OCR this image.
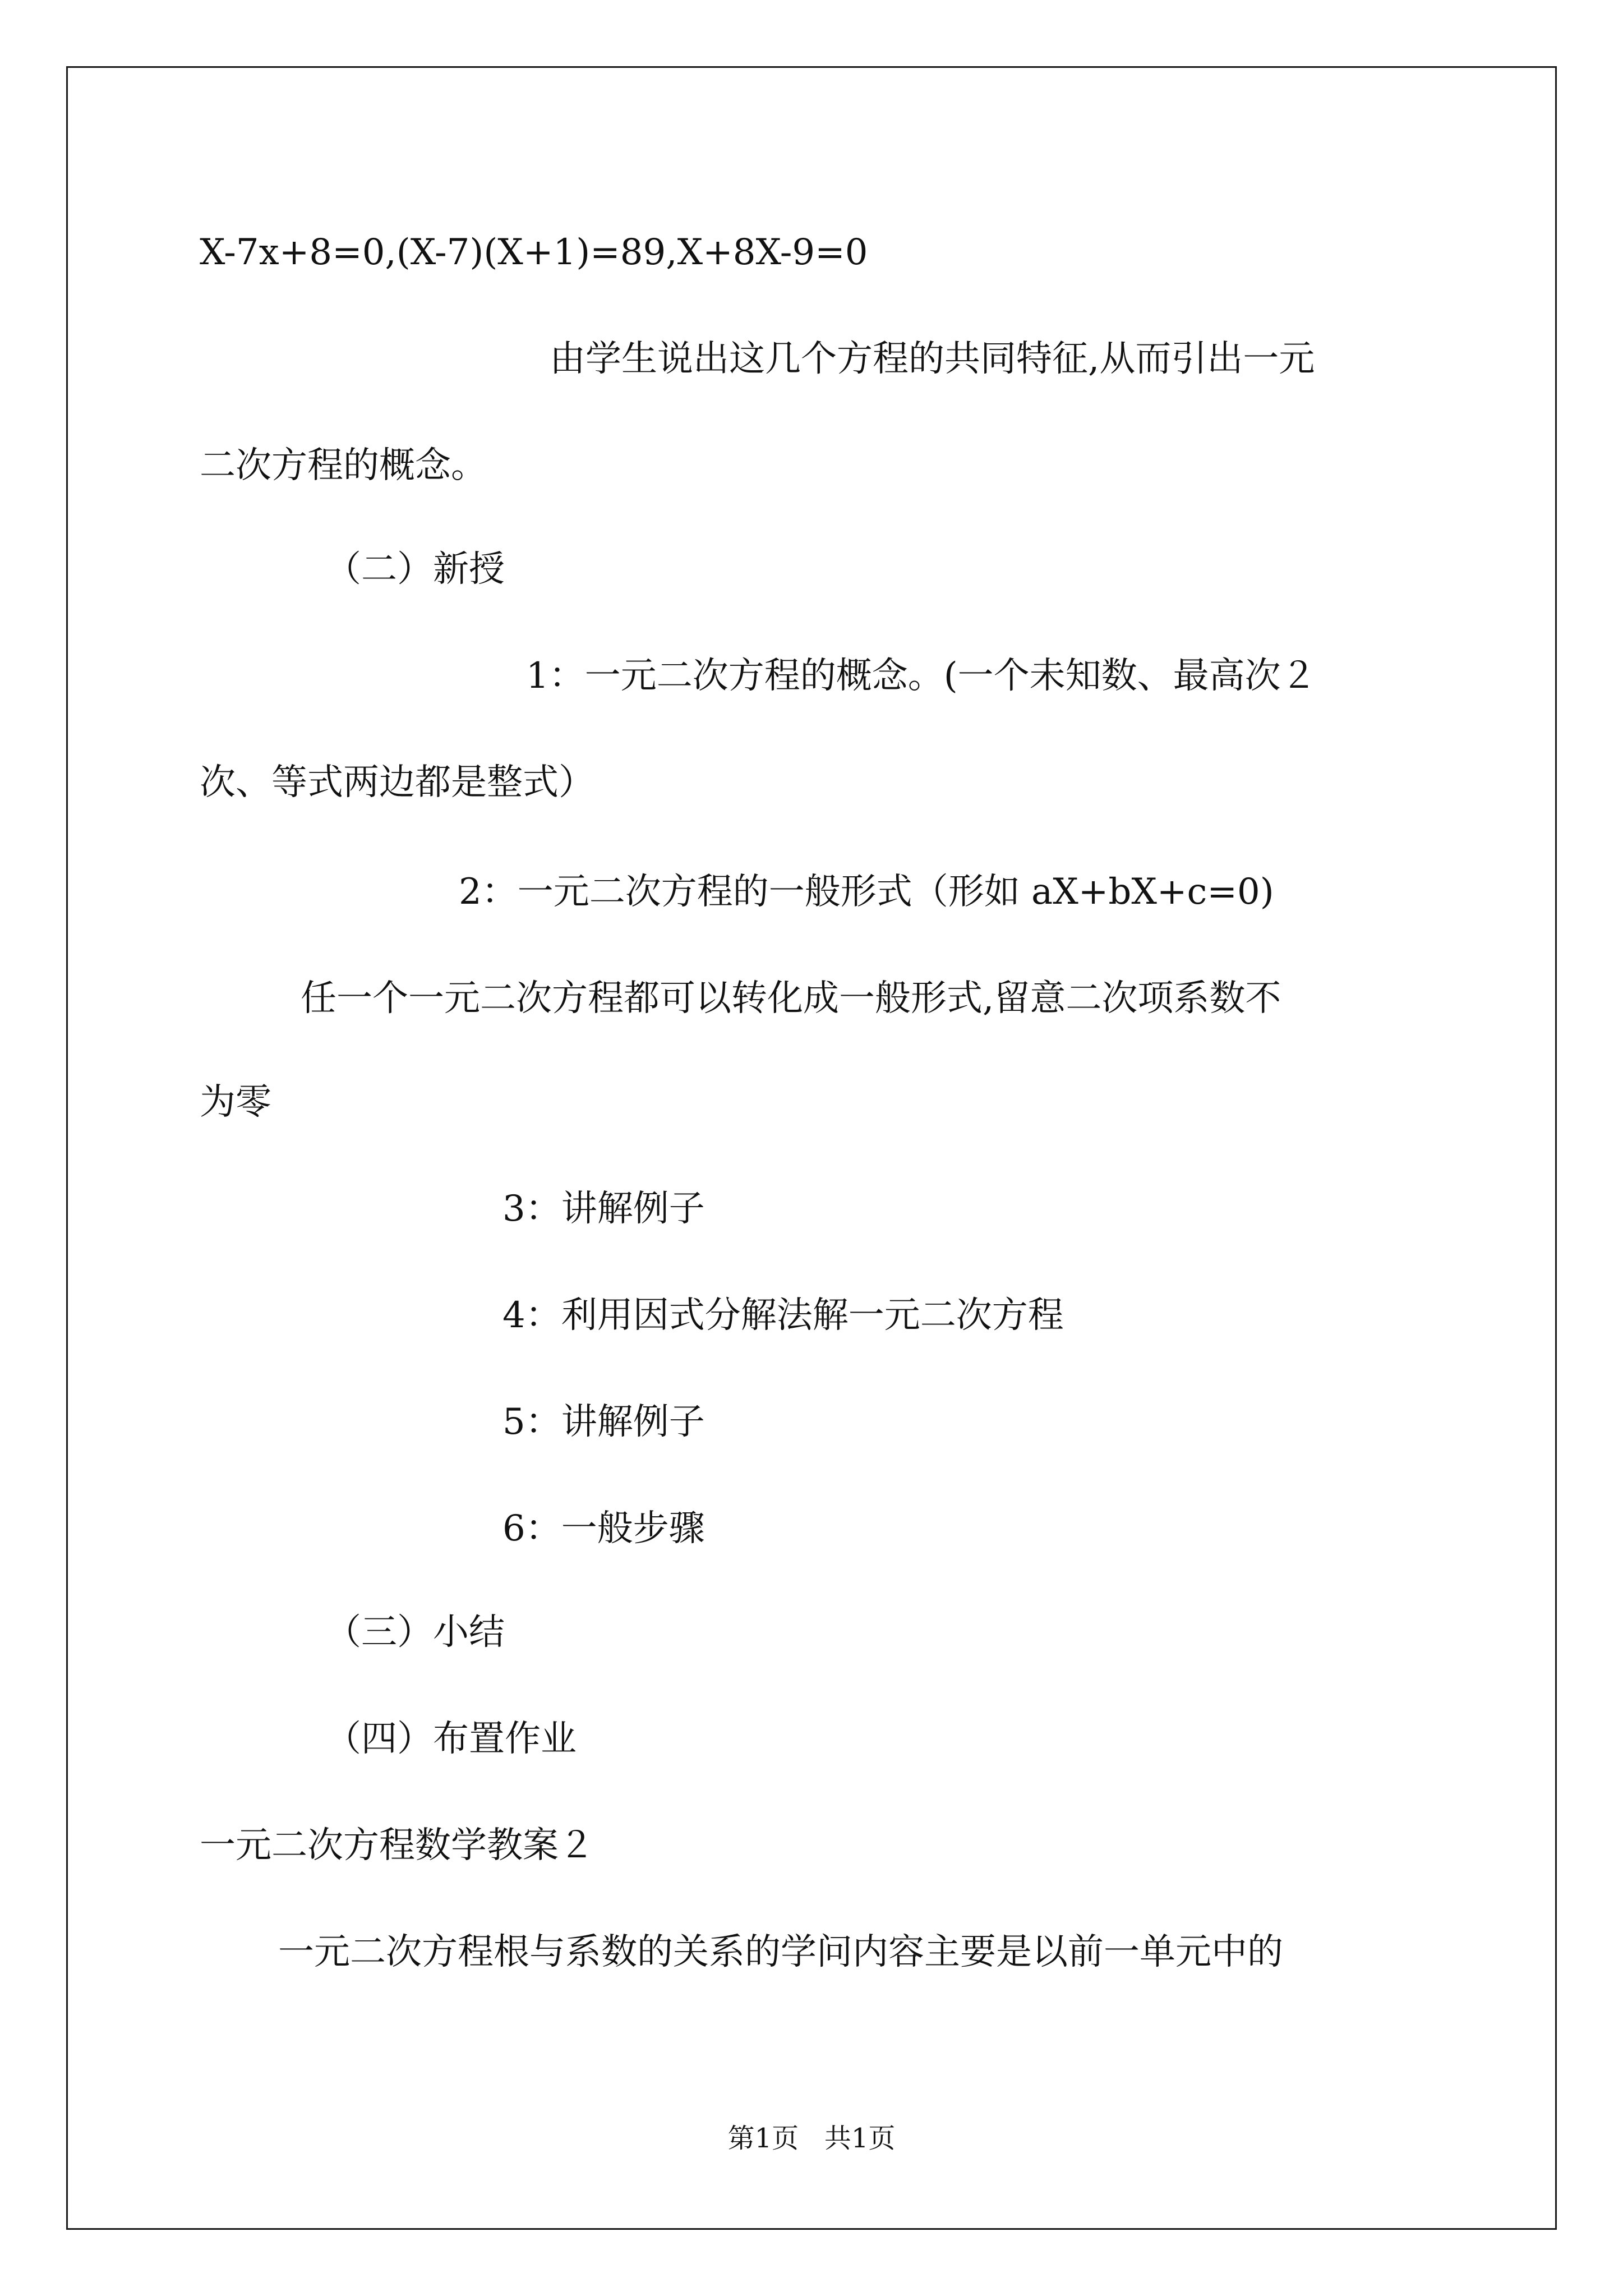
X-7x+8=0,(X-7)(X+1)=89,X+8X-9=0
由学生说出这几个方程的共同特征,从而引出一元
二次方程的概念。
（二）新授
1：一元二次方程的概念。(一个未知数、最高次２
次、等式两边都是整式）
2：一元二次方程的一般形式（形如 aX+bX+c=0)
任一个一元二次方程都可以转化成一般形式,留意二次项系数不
为零
3：讲解例子
4：利用因式分解法解一元二次方程
5：讲解例子
6：一般步骤
（三）小结
（四）布置作业
一元二次方程数学教案２
一元二次方程根与系数的关系的学问内容主要是以前一单元中的
第1页   共1页
